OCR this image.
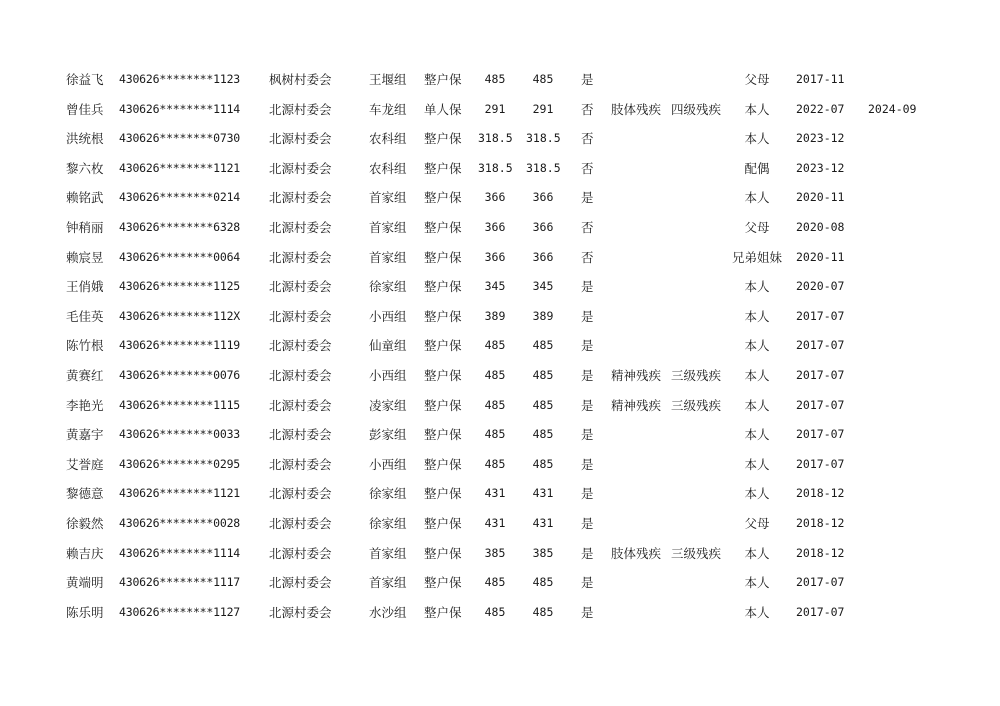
徐益飞	430626********1123	枫树村委会	王堰组	整户保	485	485	是	父母	2017-11
曾佳兵	430626********1114	北源村委会	车龙组	单人保	291	291	否 肢体残疾 四级残疾	本人	2022-07	2024-09
洪统根	430626********0730	北源村委会	农科组	整户保	318.5 318.5 否	本人	2023-12
黎六枚	430626********1121	北源村委会	农科组	整户保	318.5 318.5 否	配偶	2023-12
赖铭武	430626********0214	北源村委会	首家组	整户保	366	366	是	本人	2020-11
钟稍丽	430626********6328	北源村委会	首家组	整户保	366	366	否	父母	2020-08
赖宸昱	430626********0064	北源村委会	首家组	整户保	366	366	否	兄弟姐妹	2020-11
王俏娥	430626********1125	北源村委会	徐家组	整户保	345	345	是	本人	2020-07
毛佳英	430626********112X	北源村委会	小西组	整户保	389	389	是	本人	2017-07
陈竹根	430626********1119	北源村委会	仙童组	整户保	485	485	是	本人	2017-07
黄赛红	430626********0076	北源村委会	小西组	整户保	485	485	是 精神残疾 三级残疾	本人	2017-07
李艳光	430626********1115	北源村委会	凌家组	整户保	485	485	是 精神残疾 三级残疾	本人	2017-07
黄嘉宇	430626********0033	北源村委会	彭家组	整户保	485	485	是	本人	2017-07
艾誉庭	430626********0295	北源村委会	小西组	整户保	485	485	是	本人	2017-07
黎德意	430626********1121	北源村委会	徐家组	整户保	431	431	是	本人	2018-12
徐毅然	430626********0028	北源村委会	徐家组	整户保	431	431	是	父母	2018-12
赖吉庆	430626********1114	北源村委会	首家组	整户保	385	385	是 肢体残疾 三级残疾	本人	2018-12
黄端明	430626********1117	北源村委会	首家组	整户保	485	485	是	本人	2017-07
陈乐明	430626********1127	北源村委会	水沙组	整户保	485	485	是	本人	2017-07
